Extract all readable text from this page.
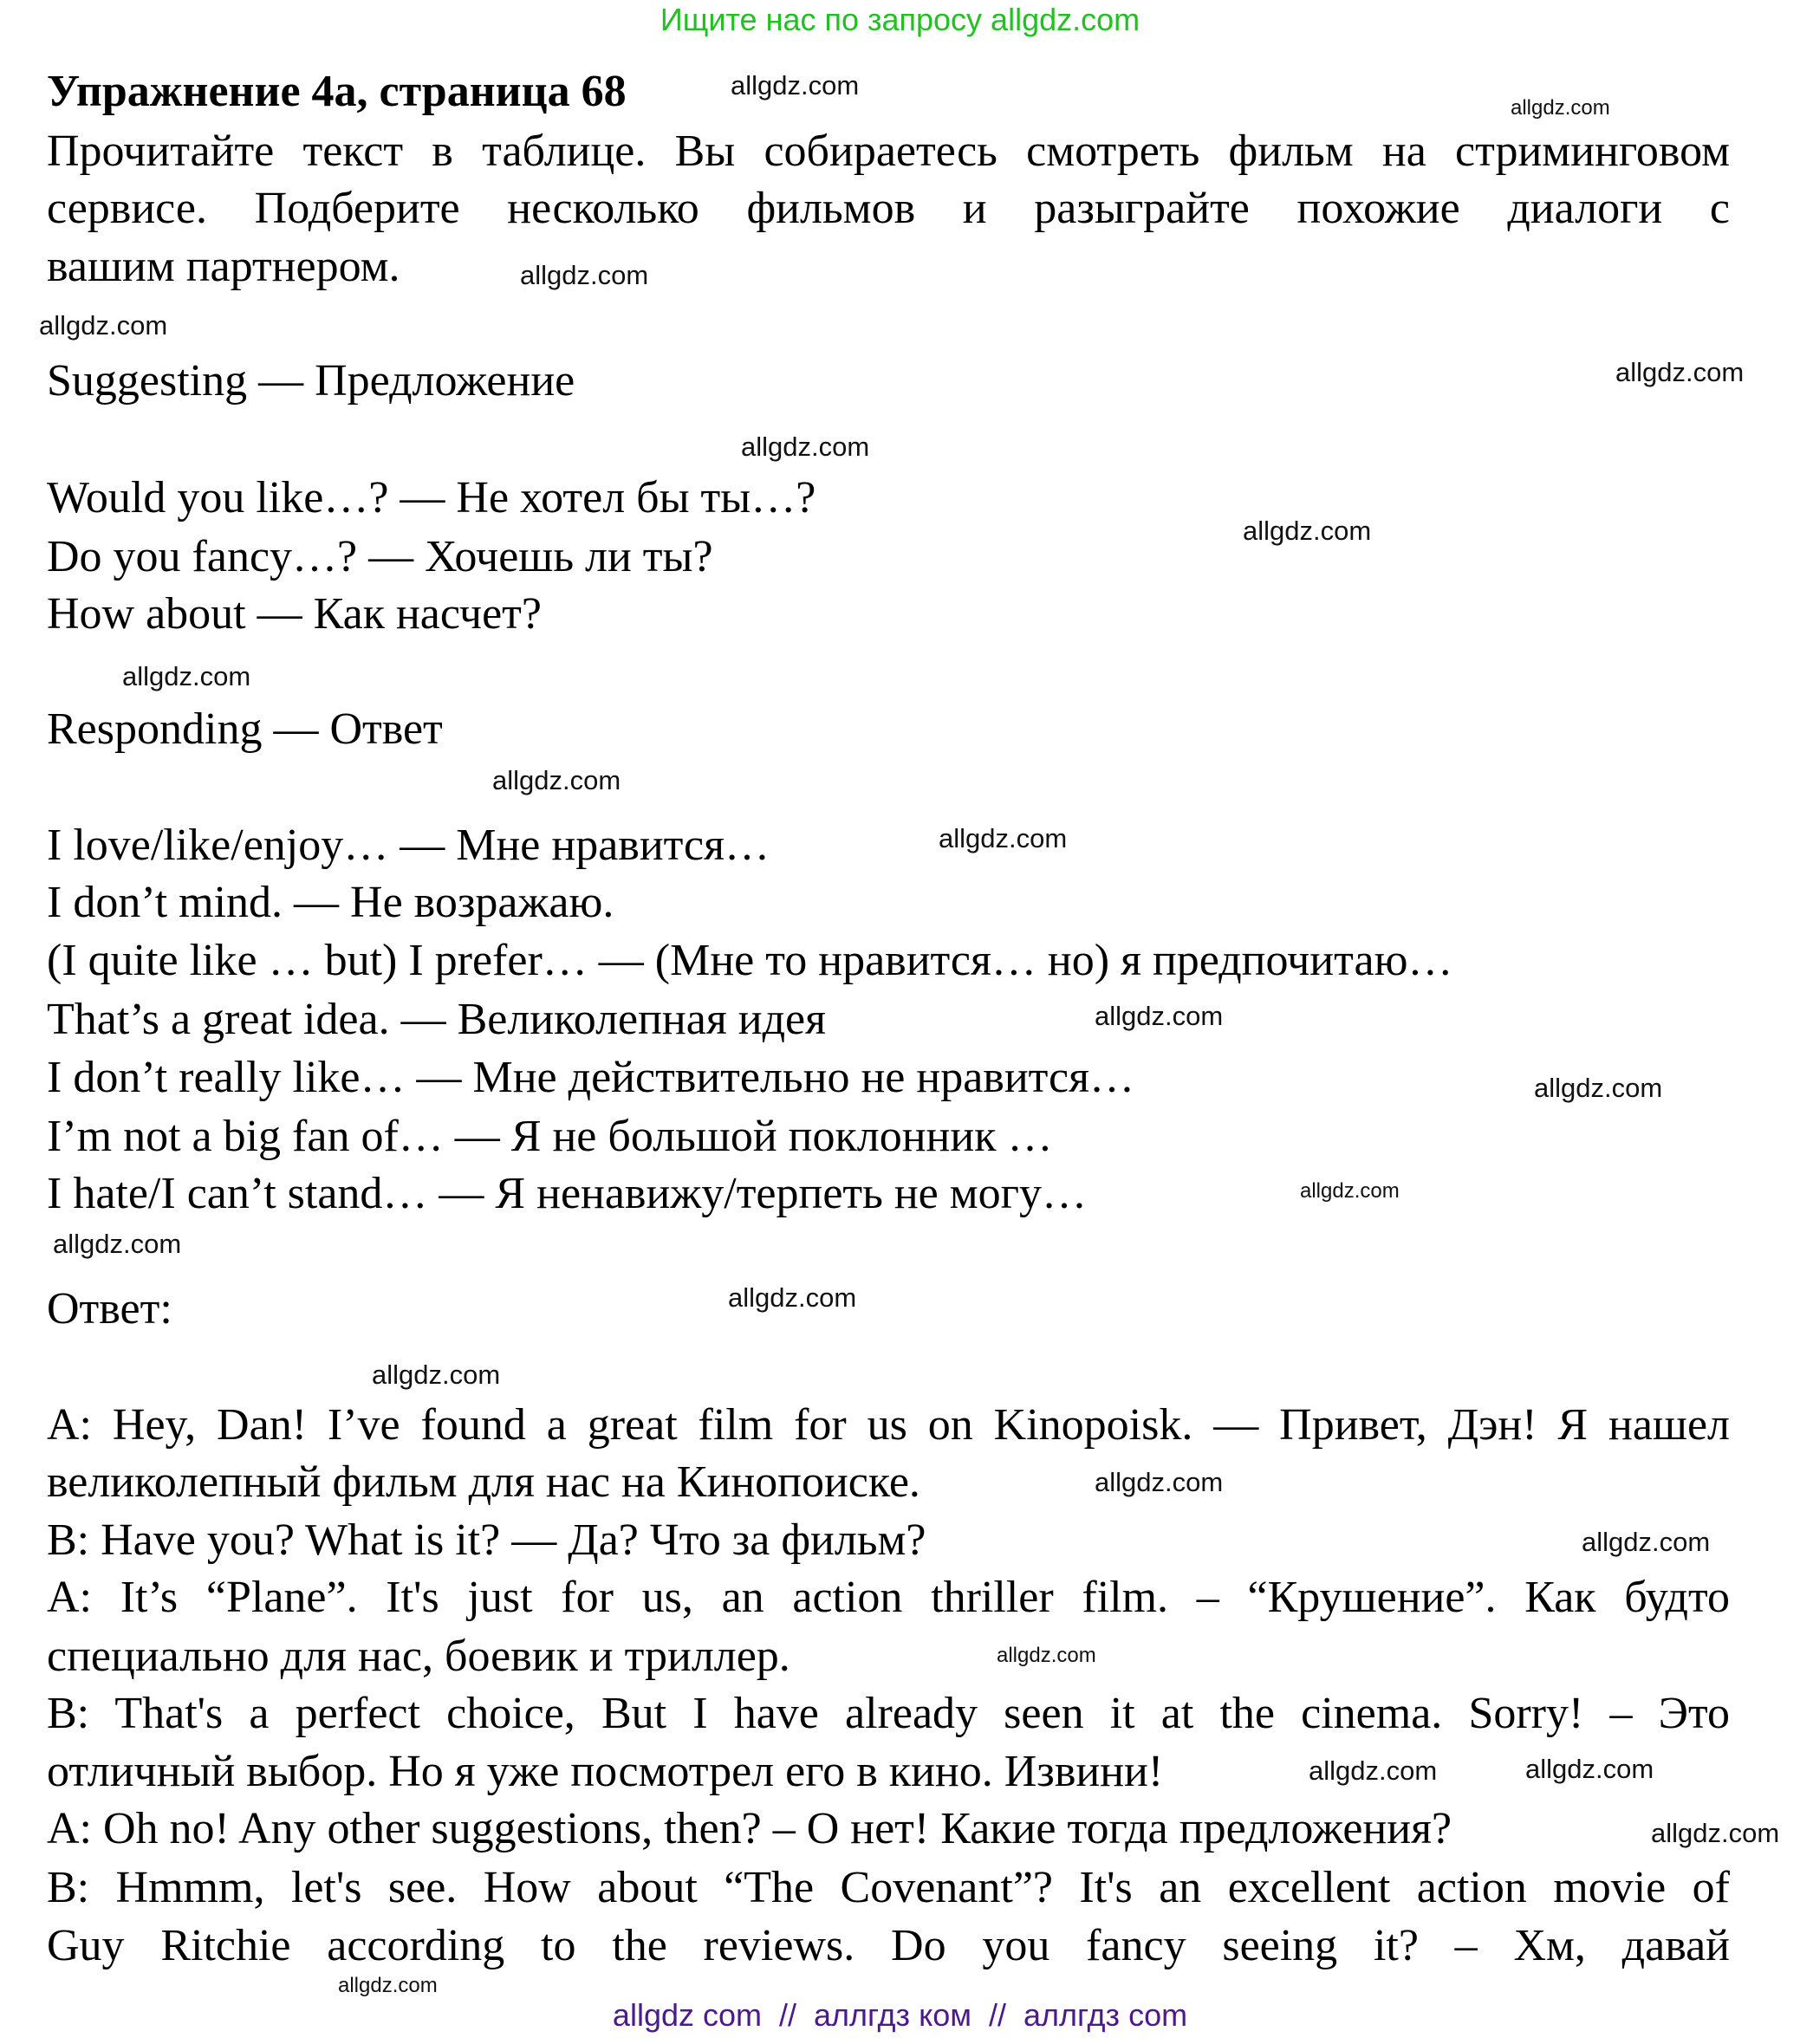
Ищите нас по запросу allgdz.com
Упражнение 4а, страница 68
Прочитайте текст в таблице. Вы собираетесь смотреть фильм на стриминговом
сервисе. Подберите несколько фильмов и разыграйте похожие диалоги с
вашим партнером.
Suggesting — Предложение
Would you like…? — Не хотел бы ты…?
Do you fancy…? — Хочешь ли ты?
How about — Как насчет?
Responding — Ответ
I love/like/enjoy… — Мне нравится…
I don’t mind. — Не возражаю.
(I quite like … but) I prefer… — (Мне то нравится… но) я предпочитаю…
That’s a great idea. — Великолепная идея
I don’t really like… — Мне действительно не нравится…
I’m not a big fan of… — Я не большой поклонник …
I hate/I can’t stand… — Я ненавижу/терпеть не могу…
Ответ:
A: Hey, Dan! I’ve found a great film for us on Kinopoisk. — Привет, Дэн! Я нашел
великолепный фильм для нас на Кинопоиске.
B: Have you? What is it? — Да? Что за фильм?
A: It’s “Plane”. It's just for us, an action thriller film. – “Крушение”. Как будто
специально для нас, боевик и триллер.
B: That's a perfect choice, But I have already seen it at the cinema. Sorry! – Это
отличный выбор. Но я уже посмотрел его в кино. Извини!
A: Oh no! Any other suggestions, then? – О нет! Какие тогда предложения?
B: Hmmm, let's see. How about “The Covenant”? It's an excellent action movie of
Guy Ritchie according to the reviews. Do you fancy seeing it? – Хм, давай
allgdz.com
allgdz.com
allgdz.com
allgdz.com
allgdz.com
allgdz.com
allgdz.com
allgdz.com
allgdz.com
allgdz.com
allgdz.com
allgdz.com
allgdz.com
allgdz.com
allgdz.com
allgdz.com
allgdz.com
allgdz.com
allgdz.com
allgdz.com
allgdz.com
allgdz.com
allgdz.com
allgdz com  //  аллгдз ком  //  аллгдз com
